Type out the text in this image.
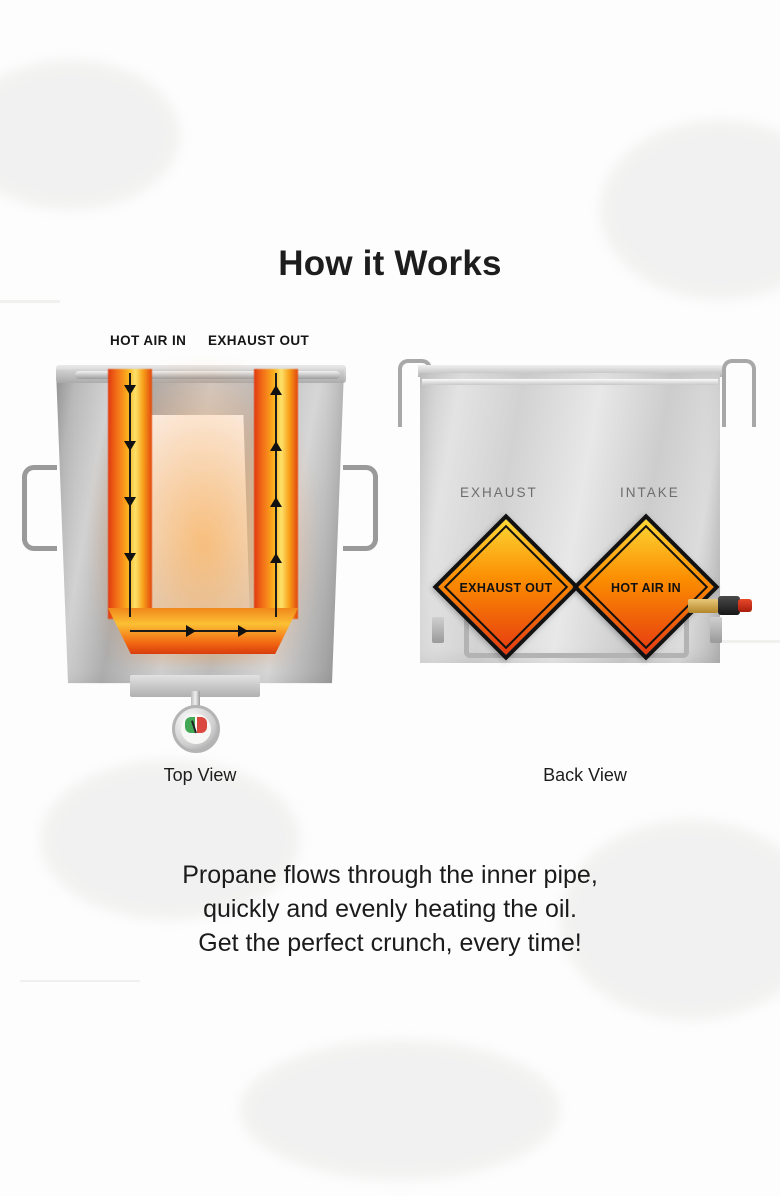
How it Works
HOT AIR IN EXHAUST OUT
EXHAUST	INTAKE
EXHAUST OUT	HOT AIR IN
Top View	Back View
Propane flows through the inner pipe,
quickly and evenly heating the oil.
Get the perfect crunch, every time!
